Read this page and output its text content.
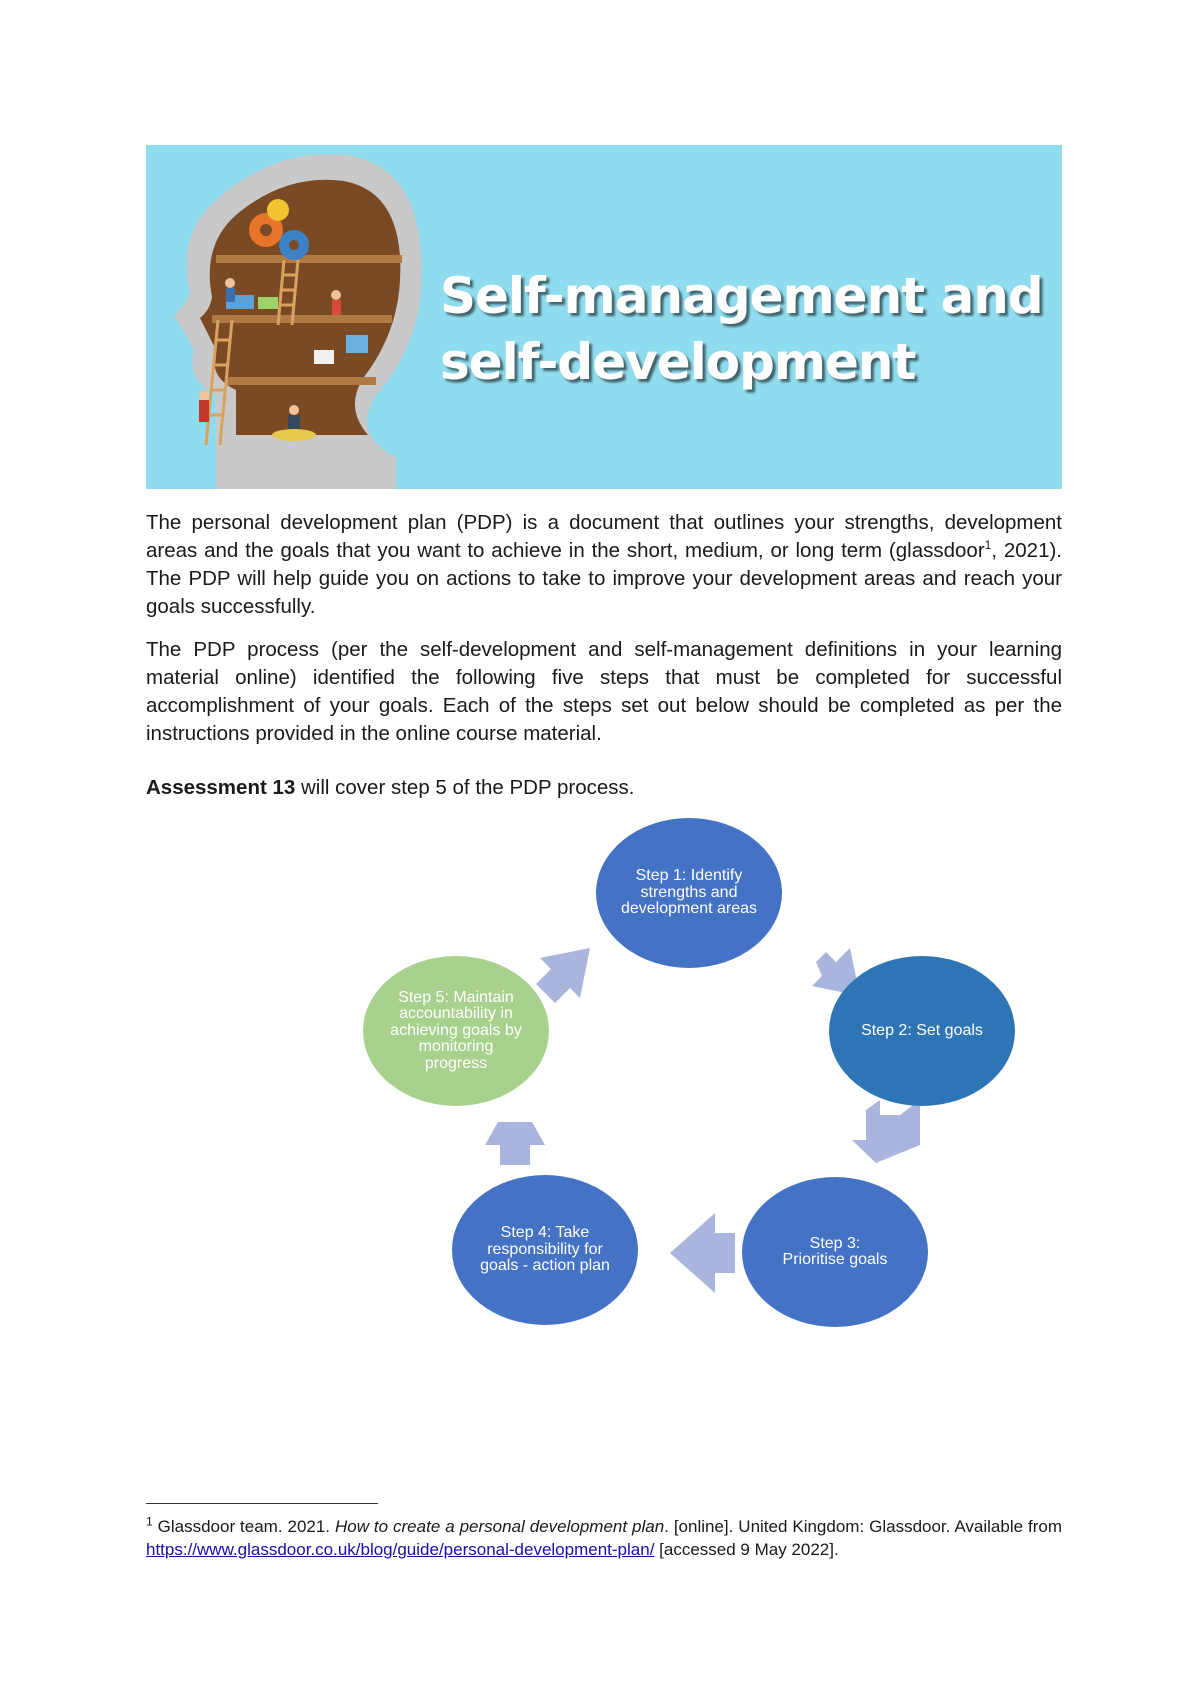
Self-management and
self-development

The personal development plan (PDP) is a document that outlines your strengths, development areas and the goals that you want to achieve in the short, medium, or long term (glassdoor$^1$, 2021). The PDP will help guide you on actions to take to improve your development areas and reach your goals successfully.

The PDP process (per the self-development and self-management definitions in your learning material online) identified the following five steps that must be completed for successful accomplishment of your goals. Each of the steps set out below should be completed as per the instructions provided in the online course material.

Assessment 13 will cover step 5 of the PDP process.

Step 1: Identify strengths and development areas
Step 2: Set goals
Step 3: Prioritise goals
Step 4: Take responsibility for goals - action plan
Step 5: Maintain accountability in achieving goals by monitoring progress

$^1$ Glassdoor team. 2021. How to create a personal development plan. [online]. United Kingdom: Glassdoor. Available from https://www.glassdoor.co.uk/blog/guide/personal-development-plan/ [accessed 9 May 2022].
